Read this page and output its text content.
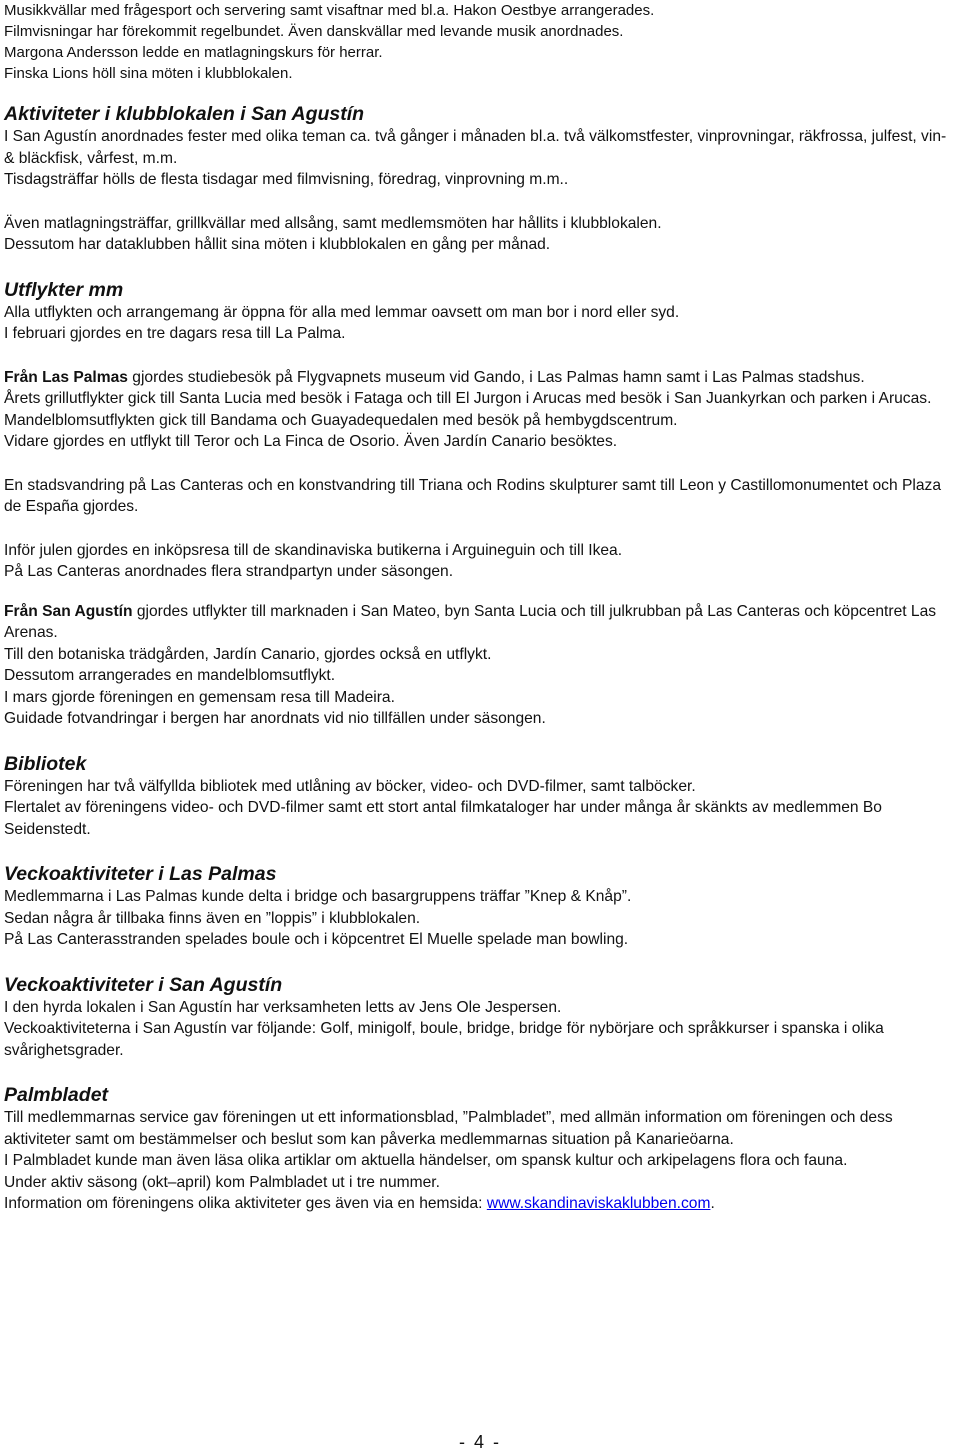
Musikkvällar med frågesport och servering samt visaftnar med bl.a. Hakon Oestbye arrangerades.

Filmvisningar har förekommit regelbundet. Även danskvällar med levande musik anordnades.

Margona Andersson ledde en matlagningskurs för herrar.

Finska Lions höll sina möten i klubblokalen.

Aktiviteter i klubblokalen i San Agustín

I San Agustín anordnades fester med olika teman ca. två gånger i månaden bl.a. två välkomstfester, vinprovningar, räkfrossa, julfest, vin- & bläckfisk, vårfest, m.m.

Tisdagsträffar hölls de flesta tisdagar med filmvisning, föredrag, vinprovning m.m..

Även matlagningsträffar, grillkvällar med allsång, samt medlemsmöten har hållits i klubblokalen.

Dessutom har dataklubben hållit sina möten i klubblokalen en gång per månad.

Utflykter mm

Alla utflykten och arrangemang är öppna för alla med lemmar oavsett om man bor i nord eller syd.

I februari gjordes en tre dagars resa till La Palma.

Från Las Palmas gjordes studiebesök på Flygvapnets museum vid Gando, i Las Palmas hamn samt i Las Palmas stadshus.

Årets grillutflykter gick till Santa Lucia med besök i Fataga och till El Jurgon i Arucas med besök i San Juankyrkan och parken i Arucas.

Mandelblomsutflykten gick till Bandama och Guayadequedalen med besök på hembygdscentrum.

Vidare gjordes en utflykt till Teror och La Finca de Osorio. Även Jardín Canario besöktes.

En stadsvandring på Las Canteras och en konstvandring till Triana och Rodins skulpturer samt till Leon y Castillomonumentet och Plaza de España gjordes.

Inför julen gjordes en inköpsresa till de skandinaviska butikerna i Arguineguin och till Ikea.

På Las Canteras anordnades flera strandpartyn under säsongen.

Från San Agustín gjordes utflykter till marknaden i San Mateo, byn Santa Lucia och till julkrubban på Las Canteras och köpcentret Las Arenas.

Till den botaniska trädgården, Jardín Canario, gjordes också en utflykt.

Dessutom arrangerades en mandelblomsutflykt.

I mars gjorde föreningen en gemensam resa till Madeira.

Guidade fotvandringar i bergen har anordnats vid nio tillfällen under säsongen.

Bibliotek

Föreningen har två välfyllda bibliotek med utlåning av böcker, video- och DVD-filmer, samt talböcker.

Flertalet av föreningens video- och DVD-filmer samt ett stort antal filmkataloger har under många år skänkts av medlemmen Bo Seidenstedt.

Veckoaktiviteter i Las Palmas

Medlemmarna i Las Palmas kunde delta i bridge och basargruppens träffar ”Knep & Knåp”.

Sedan några år tillbaka finns även en ”loppis” i klubblokalen.

På Las Canterasstranden spelades boule och i köpcentret El Muelle spelade man bowling.

Veckoaktiviteter i San Agustín

I den hyrda lokalen i San Agustín har verksamheten letts av Jens Ole Jespersen.

Veckoaktiviteterna i San Agustín var följande: Golf, minigolf, boule, bridge, bridge för nybörjare och språkkurser i spanska i olika svårighetsgrader.

Palmbladet

Till medlemmarnas service gav föreningen ut ett informationsblad, ”Palmbladet”, med allmän information om föreningen och dess aktiviteter samt om bestämmelser och beslut som kan påverka medlemmarnas situation på Kanarieöarna.

I Palmbladet kunde man även läsa olika artiklar om aktuella händelser, om spansk kultur och arkipelagens flora och fauna.

Under aktiv säsong (okt–april) kom Palmbladet ut i tre nummer.

Information om föreningens olika aktiviteter ges även via en hemsida: www.skandinaviskaklubben.com.

- 4 -
